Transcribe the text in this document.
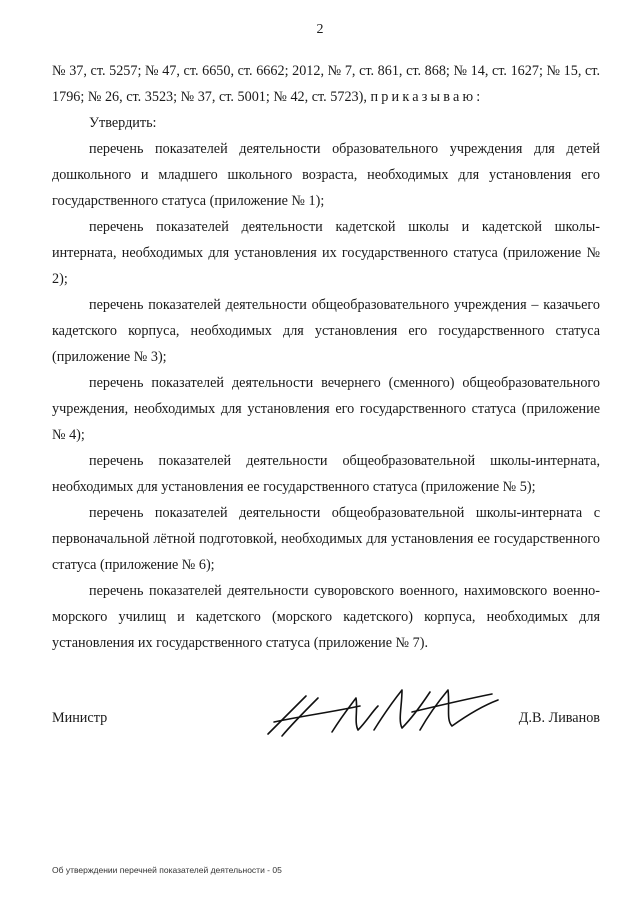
2

№ 37, ст. 5257; № 47, ст. 6650, ст. 6662; 2012, № 7, ст. 861, ст. 868; № 14, ст. 1627; № 15, ст. 1796; № 26, ст. 3523; № 37, ст. 5001; № 42, ст. 5723), приказываю:

Утвердить:

перечень показателей деятельности образовательного учреждения для детей дошкольного и младшего школьного возраста, необходимых для установления его государственного статуса (приложение № 1);

перечень показателей деятельности кадетской школы и кадетской школы-интерната, необходимых для установления их государственного статуса (приложение № 2);

перечень показателей деятельности общеобразовательного учреждения – казачьего кадетского корпуса, необходимых для установления его государственного статуса (приложение № 3);

перечень показателей деятельности вечернего (сменного) общеобразовательного учреждения, необходимых для установления его государственного статуса (приложение № 4);

перечень показателей деятельности общеобразовательной школы-интерната, необходимых для установления ее государственного статуса (приложение № 5);

перечень показателей деятельности общеобразовательной школы-интерната с первоначальной лётной подготовкой, необходимых для установления ее государственного статуса (приложение № 6);

перечень показателей деятельности суворовского военного, нахимовского военно-морского училищ и кадетского (морского кадетского) корпуса, необходимых для установления их государственного статуса (приложение № 7).

Министр	Д.В. Ливанов

Об утверждении перечней показателей деятельности - 05
